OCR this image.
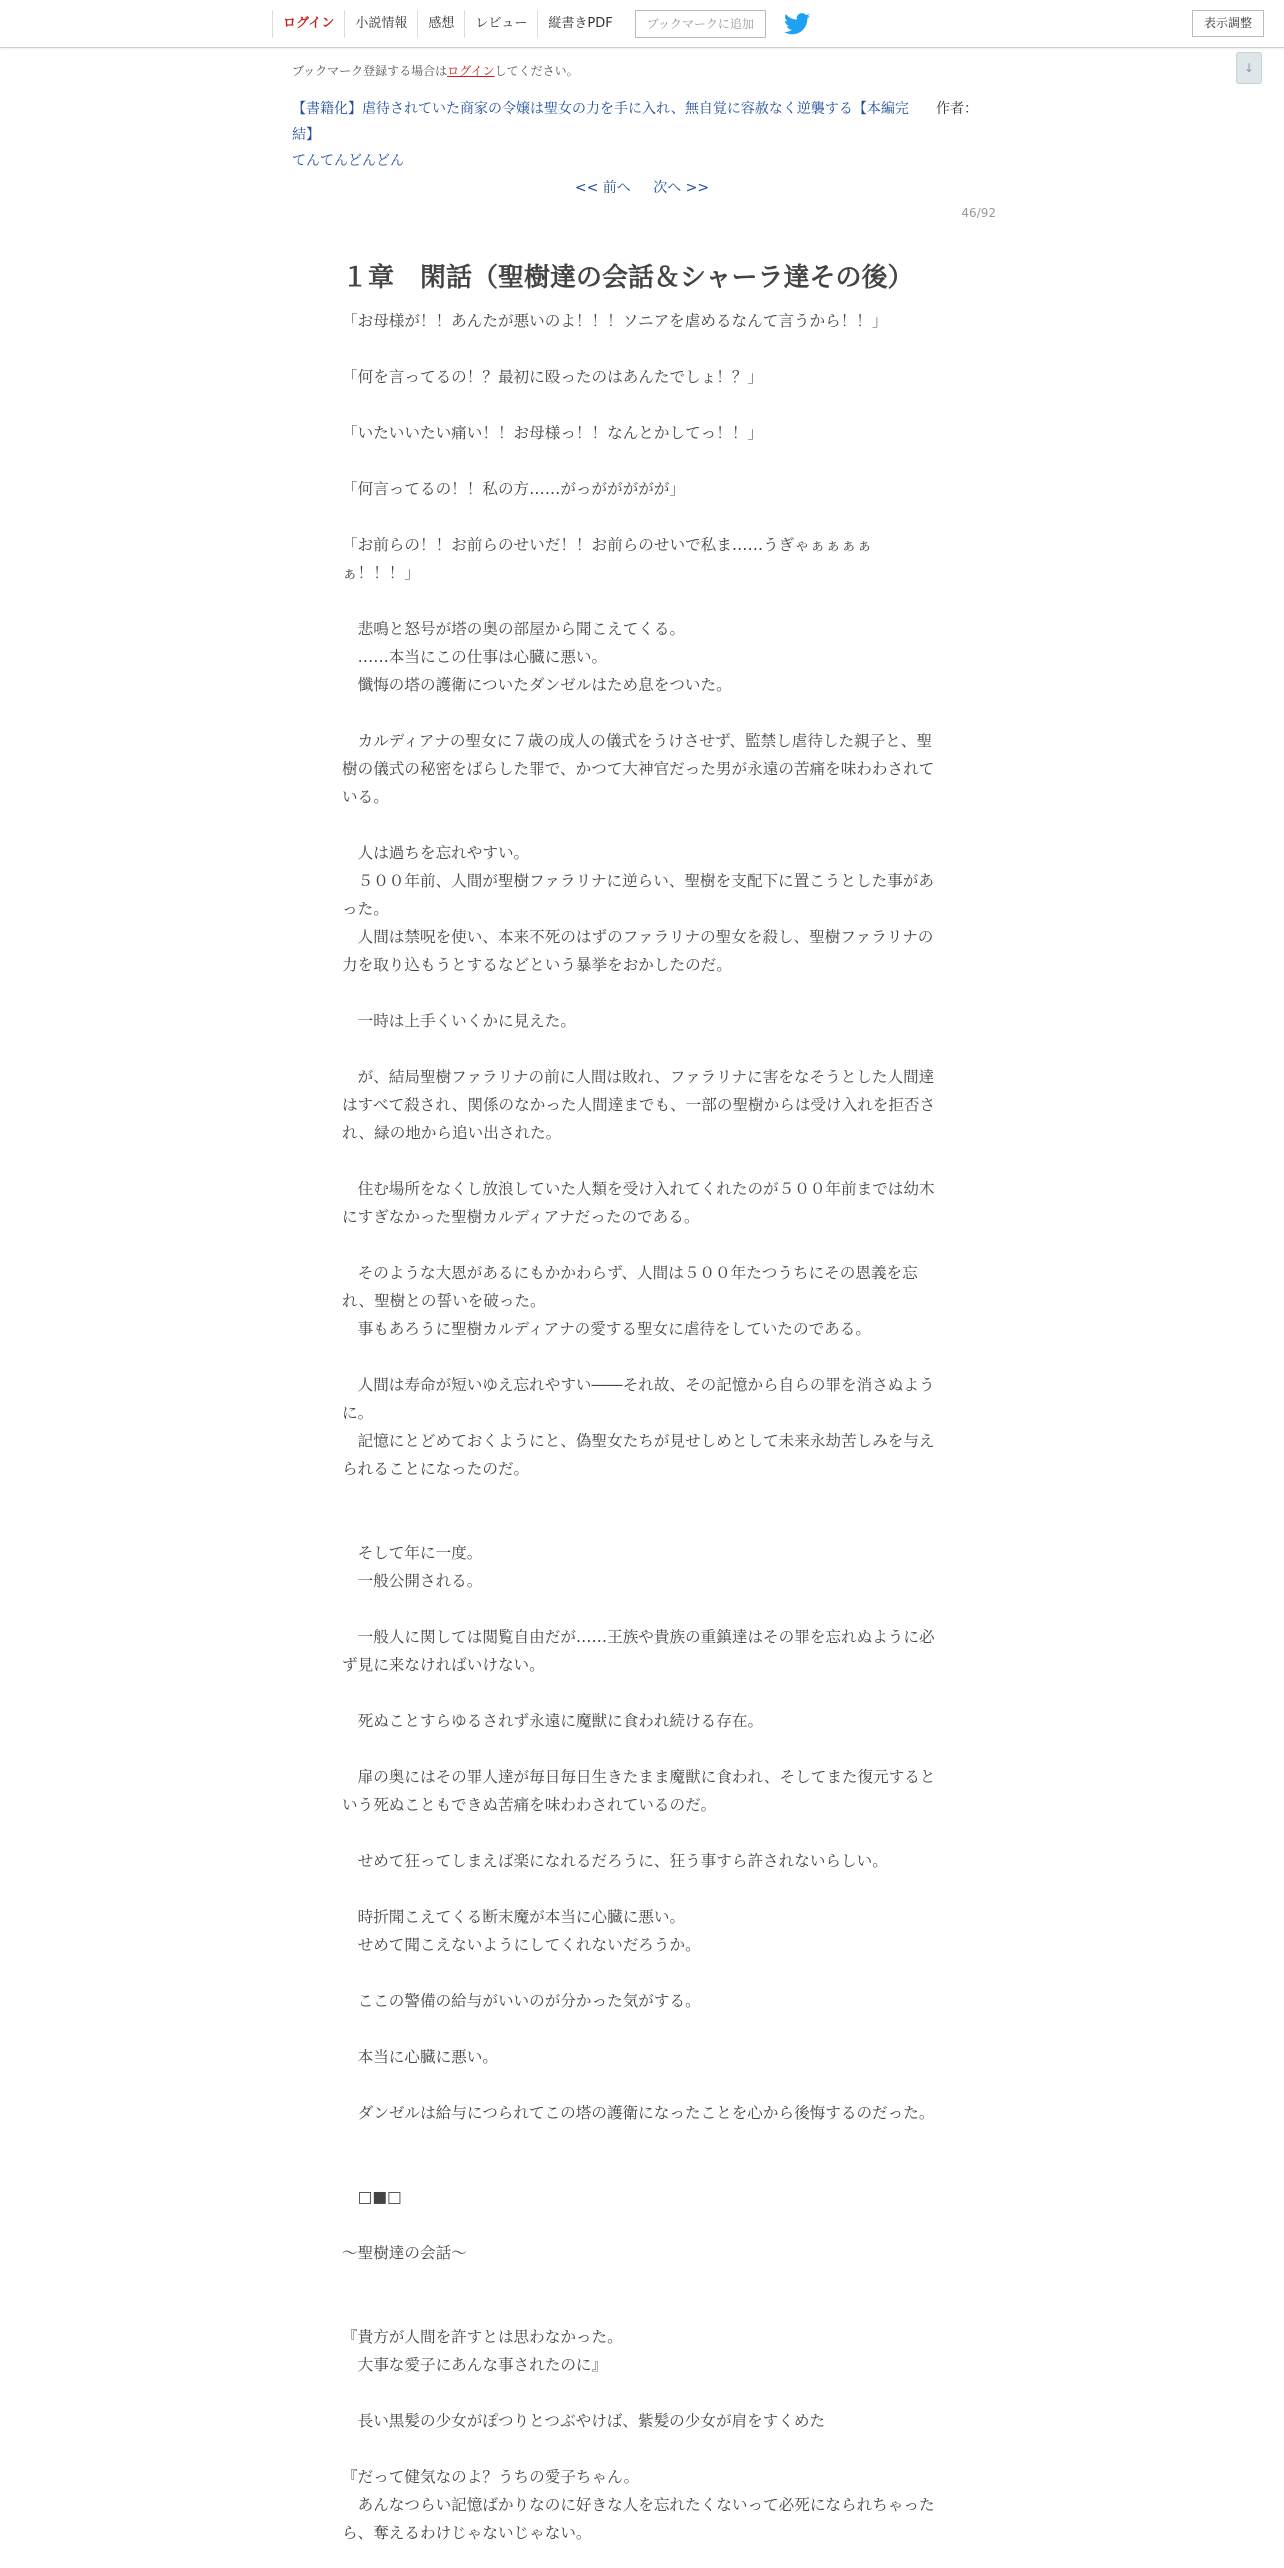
ログイン	小説情報	感想	レビュー	縦書きPDF	ブックマークに追加	表示調整
↓
ブックマーク登録する場合はログインしてください。
作者：
【書籍化】虐待されていた商家の令嬢は聖女の力を手に入れ、無自覚に容赦なく逆襲する【本編完結】
てんてんどんどん
<< 前へ 次へ >>
46/92
１章　閑話（聖樹達の会話＆シャーラ達その後）

「お母様が！！あんたが悪いのよ！！！ソニアを虐めるなんて言うから！！」

「何を言ってるの！？最初に殴ったのはあんたでしょ！？」

「いたいいたい痛い！！お母様っ！！なんとかしてっ！！」

「何言ってるの！！私の方……がっががががが」

「お前らの！！お前らのせいだ！！お前らのせいで私ま……うぎゃぁぁぁぁぁ！！！」

　悲鳴と怒号が塔の奥の部屋から聞こえてくる。

　……本当にこの仕事は心臓に悪い。

　懺悔の塔の護衛についたダンゼルはため息をついた。

　カルディアナの聖女に７歳の成人の儀式をうけさせず、監禁し虐待した親子と、聖樹の儀式の秘密をばらした罪で、かつて大神官だった男が永遠の苦痛を味わわされている。

　人は過ちを忘れやすい。

　５００年前、人間が聖樹ファラリナに逆らい、聖樹を支配下に置こうとした事があった。

　人間は禁呪を使い、本来不死のはずのファラリナの聖女を殺し、聖樹ファラリナの力を取り込もうとするなどという暴挙をおかしたのだ。

　一時は上手くいくかに見えた。

　が、結局聖樹ファラリナの前に人間は敗れ、ファラリナに害をなそうとした人間達はすべて殺され、関係のなかった人間達までも、一部の聖樹からは受け入れを拒否され、緑の地から追い出された。

　住む場所をなくし放浪していた人類を受け入れてくれたのが５００年前までは幼木にすぎなかった聖樹カルディアナだったのである。

　そのような大恩があるにもかかわらず、人間は５００年たつうちにその恩義を忘れ、聖樹との誓いを破った。

　事もあろうに聖樹カルディアナの愛する聖女に虐待をしていたのである。

　人間は寿命が短いゆえ忘れやすい――それ故、その記憶から自らの罪を消さぬように。

　記憶にとどめておくようにと、偽聖女たちが見せしめとして未来永劫苦しみを与えられることになったのだ。

　そして年に一度。

　一般公開される。

　一般人に関しては閲覧自由だが……王族や貴族の重鎮達はその罪を忘れぬように必ず見に来なければいけない。

　死ぬことすらゆるされず永遠に魔獣に食われ続ける存在。

　扉の奥にはその罪人達が毎日毎日生きたまま魔獣に食われ、そしてまた復元するという死ぬこともできぬ苦痛を味わわされているのだ。

　せめて狂ってしまえば楽になれるだろうに、狂う事すら許されないらしい。

　時折聞こえてくる断末魔が本当に心臓に悪い。

　せめて聞こえないようにしてくれないだろうか。

　ここの警備の給与がいいのが分かった気がする。

　本当に心臓に悪い。

　ダンゼルは給与につられてこの塔の護衛になったことを心から後悔するのだった。

　□■□

～聖樹達の会話～

『貴方が人間を許すとは思わなかった。

　大事な愛子にあんな事されたのに』

　長い黒髪の少女がぽつりとつぶやけば、紫髪の少女が肩をすくめた

『だって健気なのよ？うちの愛子ちゃん。

　あんなつらい記憶ばかりなのに好きな人を忘れたくないって必死になられちゃったら、奪えるわけじゃないじゃない。
